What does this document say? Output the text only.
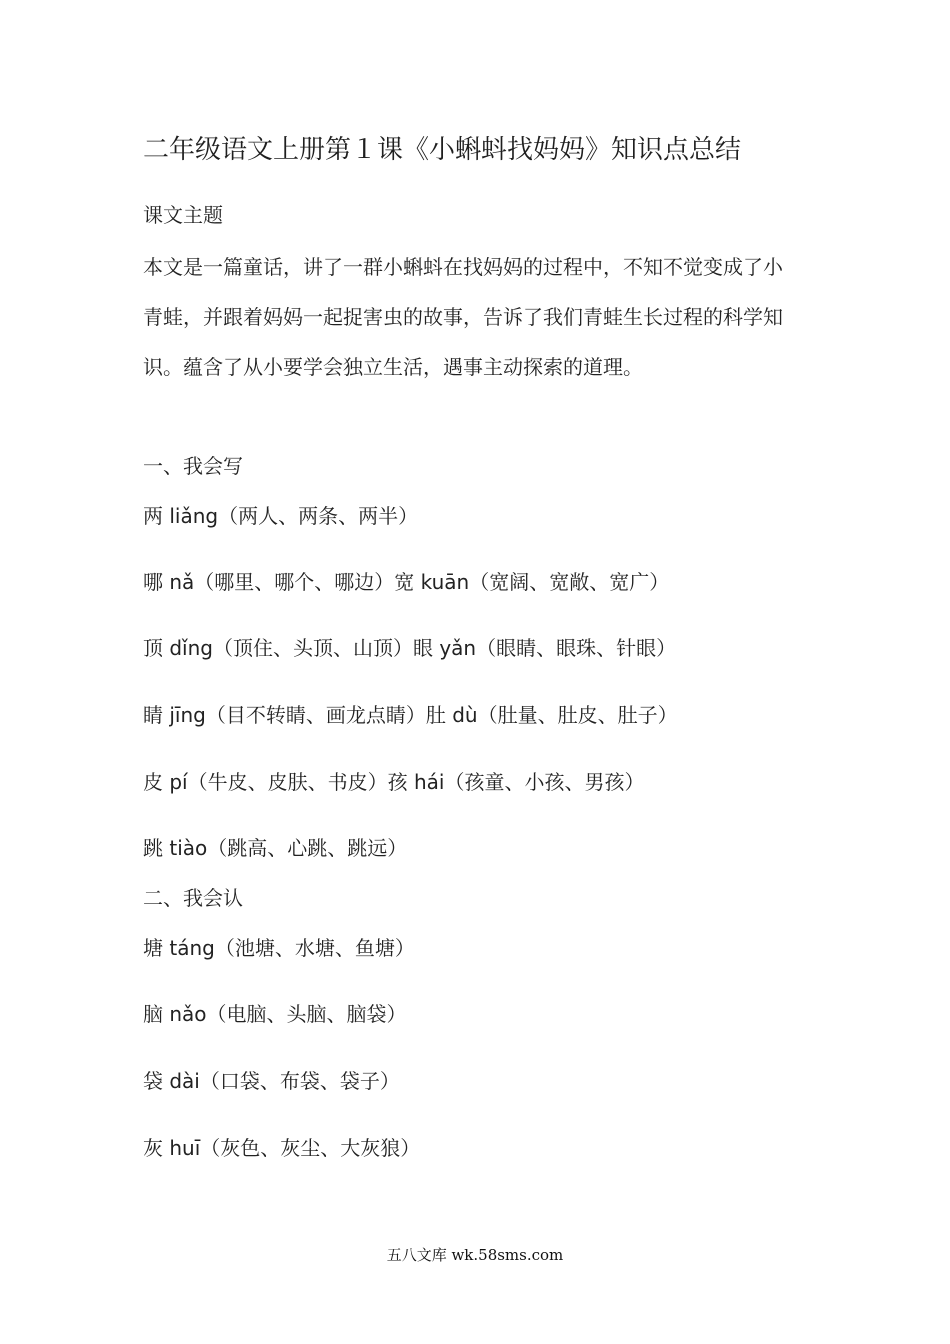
二年级语文上册第１课《小蝌蚪找妈妈》知识点总结
课文主题
本文是一篇童话，讲了一群小蝌蚪在找妈妈的过程中，不知不觉变成了小
青蛙，并跟着妈妈一起捉害虫的故事，告诉了我们青蛙生长过程的科学知
识。蕴含了从小要学会独立生活，遇事主动探索的道理。
一、我会写
两 liǎng（两人、两条、两半）
哪 nǎ（哪里、哪个、哪边）宽 kuān（宽阔、宽敞、宽广）
顶 dǐng（顶住、头顶、山顶）眼 yǎn（眼睛、眼珠、针眼）
睛 jīng（目不转睛、画龙点睛）肚 dù（肚量、肚皮、肚子）
皮 pí（牛皮、皮肤、书皮）孩 hái（孩童、小孩、男孩）
跳 tiào（跳高、心跳、跳远）
二、我会认
塘 táng（池塘、水塘、鱼塘）
脑 nǎo（电脑、头脑、脑袋）
袋 dài（口袋、布袋、袋子）
灰 huī（灰色、灰尘、大灰狼）
五八文库 wk.58sms.com
